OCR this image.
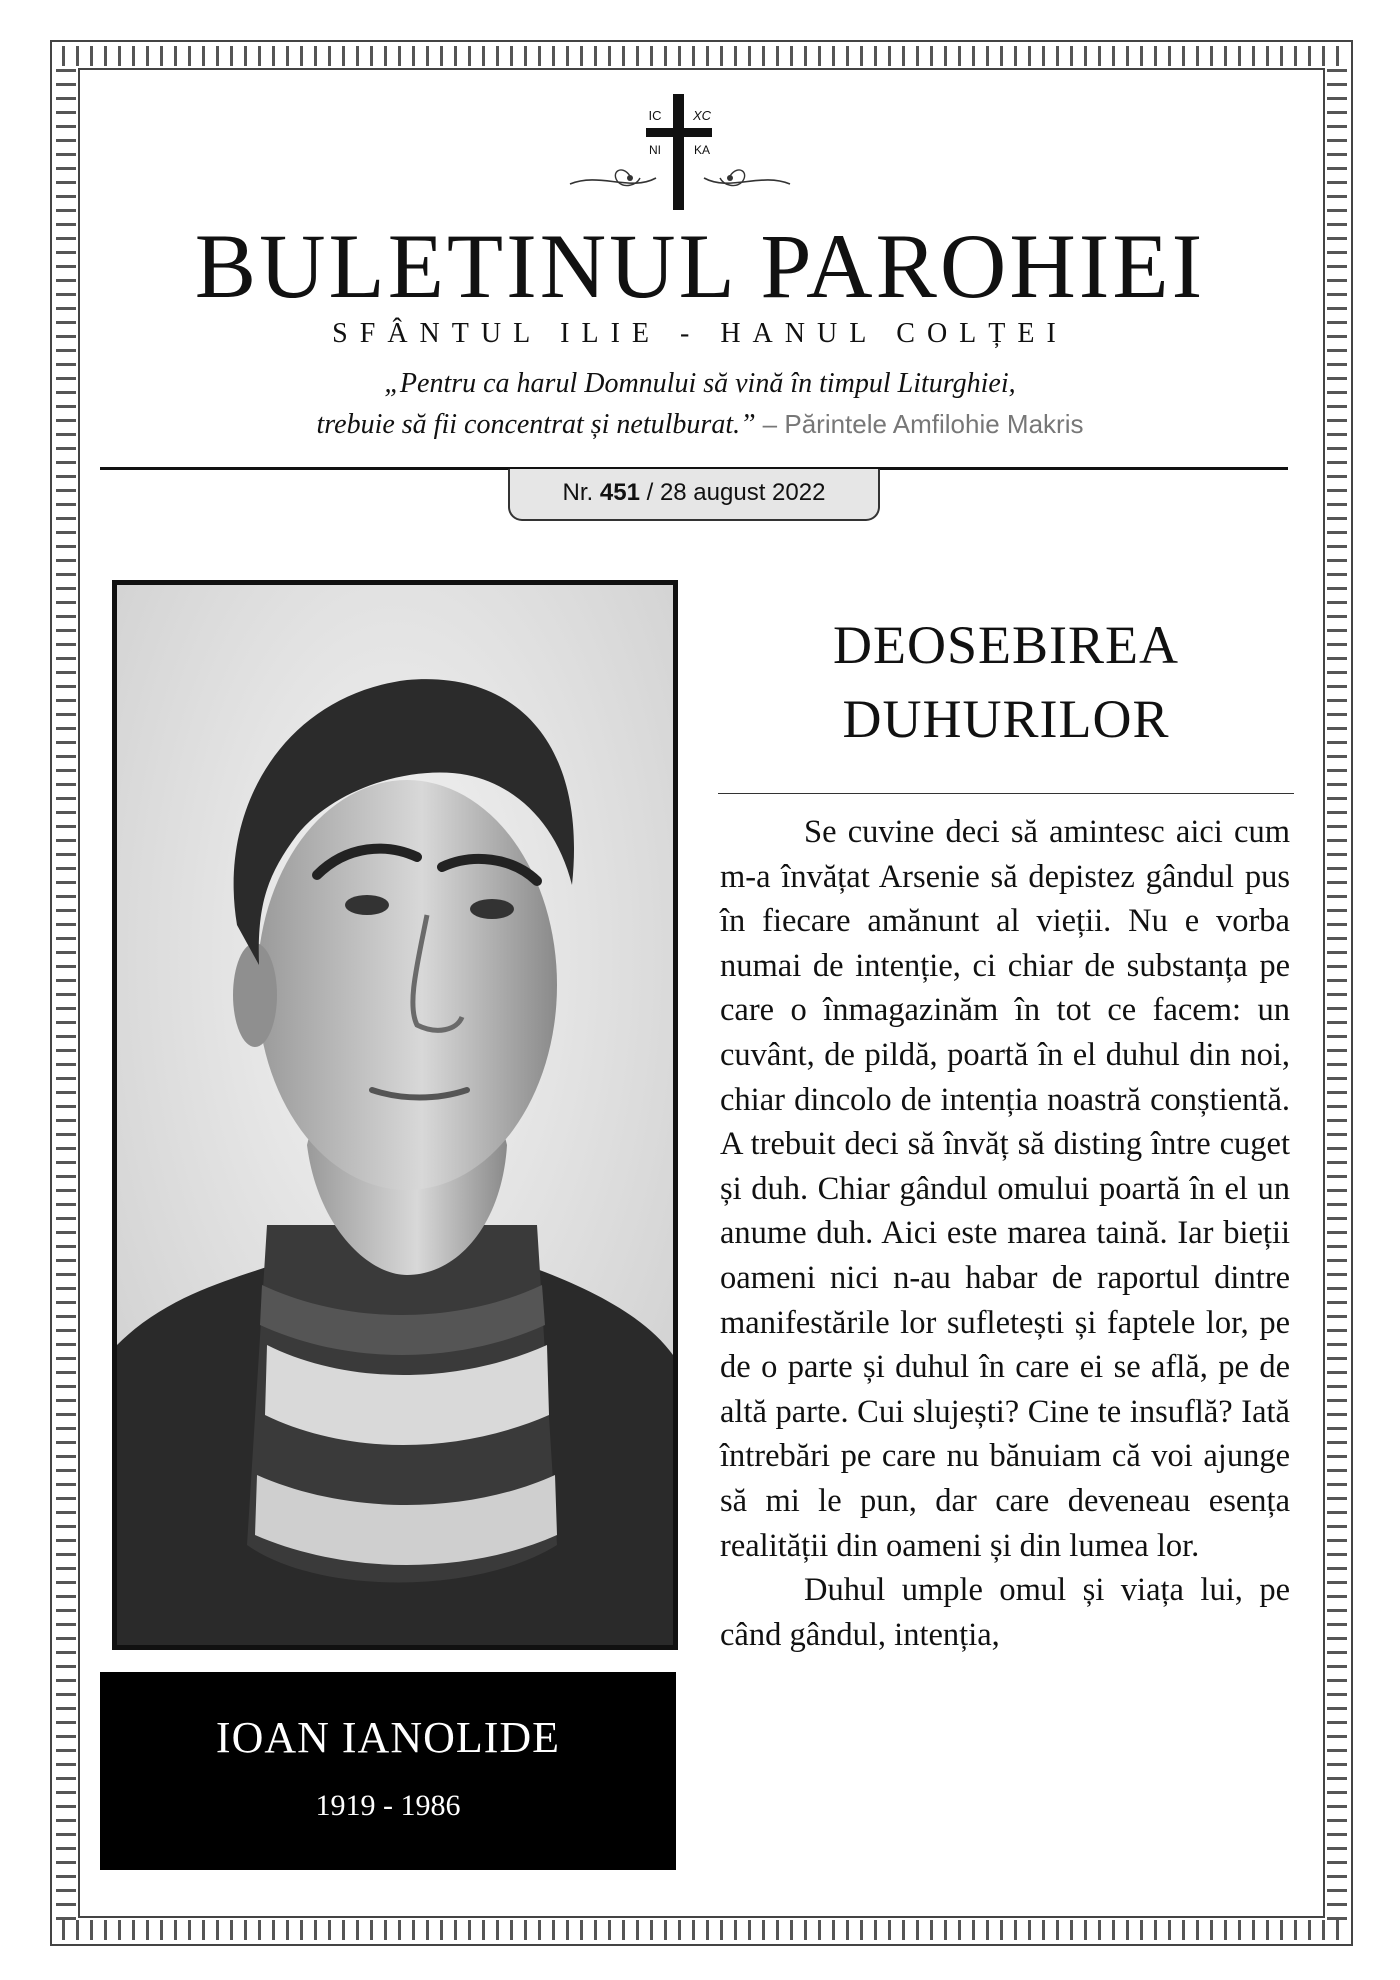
IC XC
NI	KA
BULETINUL PAROHIEI
SFÂNTUL ILIE - HANUL COLȚEI
„Pentru ca harul Domnului să vină în timpul Liturghiei,
trebuie să fii concentrat și netulburat.” – Părintele Amfilohie Makris
Nr. 451 / 28 august 2022
IOAN IANOLIDE
1919 - 1986
DEOSEBIREA
DUHURILOR

Se cuvine deci să amintesc aici cum m-a învățat Arsenie să depistez gândul pus în fiecare amănunt al vieții. Nu e vorba numai de intenție, ci chiar de substanța pe care o înmagazinăm în tot ce facem: un cuvânt, de pildă, poartă în el duhul din noi, chiar dincolo de intenția noastră conștientă. A trebuit deci să învăț să disting între cuget și duh. Chiar gândul omului poartă în el un anume duh. Aici este marea taină. Iar bieții oameni nici n-au habar de raportul dintre manifestările lor sufletești și faptele lor, pe de o parte și duhul în care ei se află, pe de altă parte. Cui slujești? Cine te insuflă? Iată întrebări pe care nu bănuiam că voi ajunge să mi le pun, dar care deveneau esența realității din oameni și din lumea lor.

Duhul umple omul și viața lui, pe când gândul, intenția,
